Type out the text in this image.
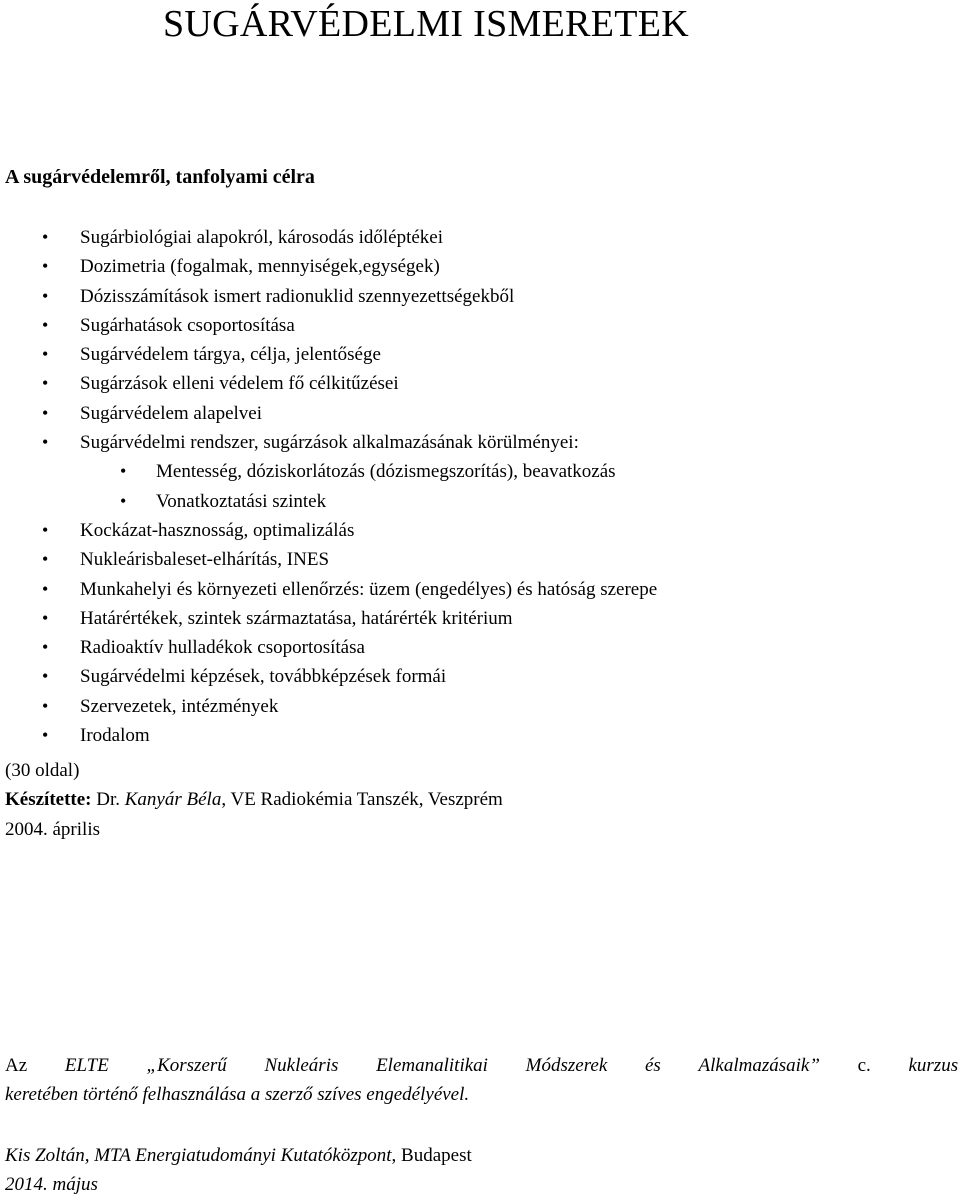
SUGÁRVÉDELMI ISMERETEK
A sugárvédelemről, tanfolyami célra
• Sugárbiológiai alapokról, károsodás időléptékei
• Dozimetria (fogalmak, mennyiségek,egységek)
• Dózisszámítások ismert radionuklid szennyezettségekből
• Sugárhatások csoportosítása
• Sugárvédelem tárgya, célja, jelentősége
• Sugárzások elleni védelem fő célkitűzései
• Sugárvédelem alapelvei
• Sugárvédelmi rendszer, sugárzások alkalmazásának körülményei:
• Mentesség, dóziskorlátozás (dózismegszorítás), beavatkozás
• Vonatkoztatási szintek
• Kockázat-hasznosság, optimalizálás
• Nukleárisbaleset-elhárítás, INES
• Munkahelyi és környezeti ellenőrzés: üzem (engedélyes) és hatóság szerepe
• Határértékek, szintek származtatása, határérték kritérium
• Radioaktív hulladékok csoportosítása
• Sugárvédelmi képzések, továbbképzések formái
• Szervezetek, intézmények
• Irodalom
(30 oldal)
Készítette: Dr. Kanyár Béla, VE Radiokémia Tanszék, Veszprém
2004. április
Az ELTE „Korszerű Nukleáris Elemanalitikai Módszerek és Alkalmazásaik” c. kurzus
keretében történő felhasználása a szerző szíves engedélyével.
Kis Zoltán, MTA Energiatudományi Kutatóközpont, Budapest
2014. május
